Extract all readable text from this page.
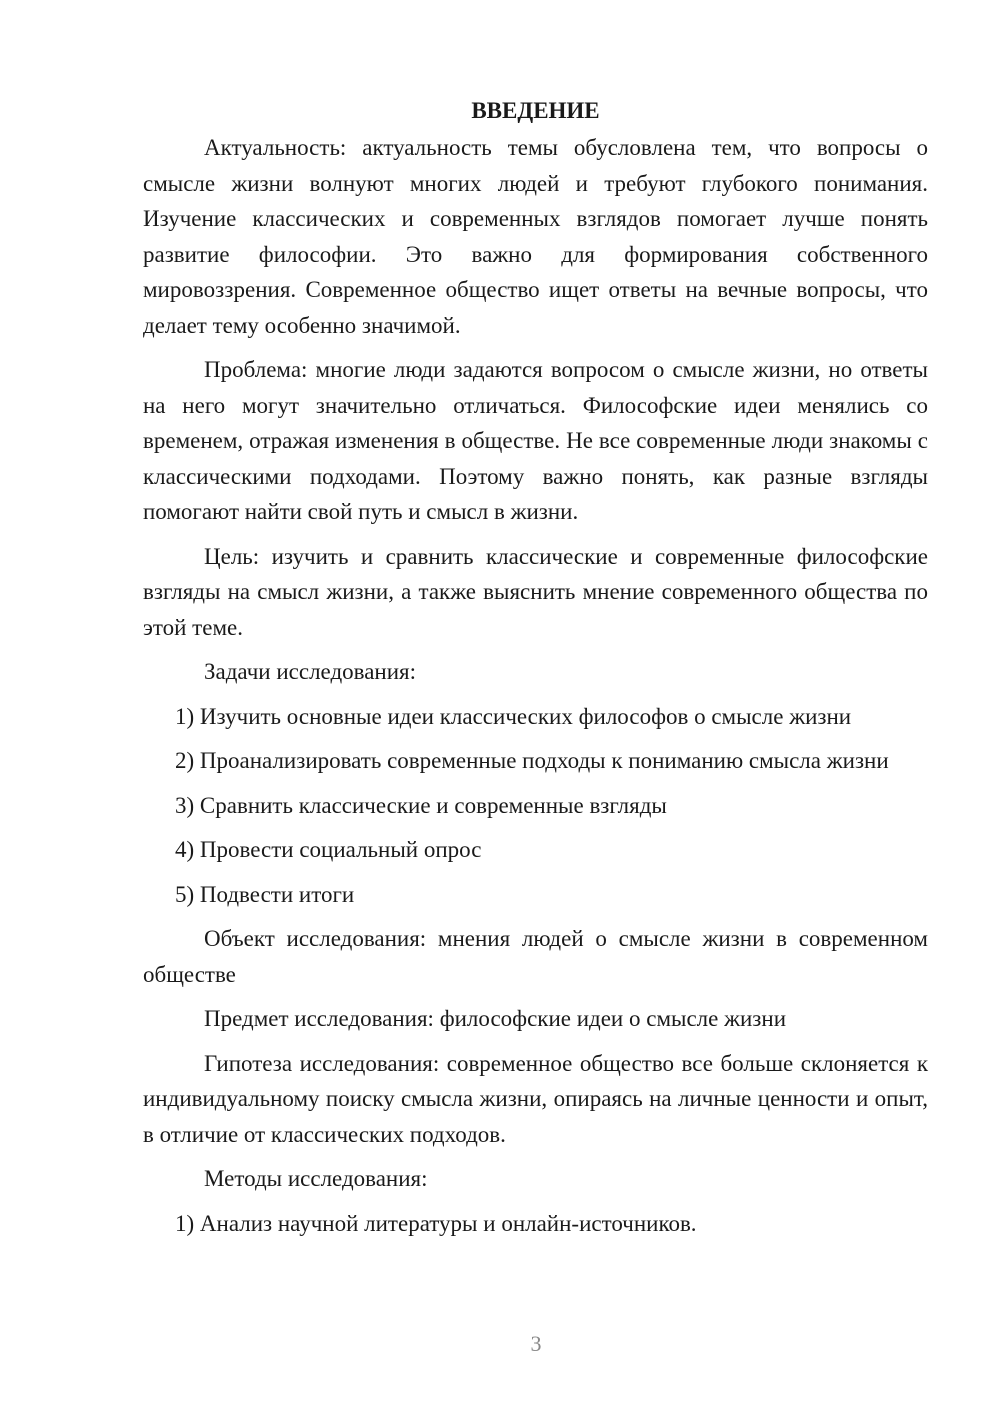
ВВЕДЕНИЕ

Актуальность: актуальность темы обусловлена тем, что вопросы о смысле жизни волнуют многих людей и требуют глубокого понимания. Изучение классических и современных взглядов помогает лучше понять развитие философии. Это важно для формирования собственного мировоззрения. Современное общество ищет ответы на вечные вопросы, что делает тему особенно значимой.

Проблема: многие люди задаются вопросом о смысле жизни, но ответы на него могут значительно отличаться. Философские идеи менялись со временем, отражая изменения в обществе. Не все современные люди знакомы с классическими подходами. Поэтому важно понять, как разные взгляды помогают найти свой путь и смысл в жизни.

Цель: изучить и сравнить классические и современные философские взгляды на смысл жизни, а также выяснить мнение современного общества по этой теме.

Задачи исследования:

1) Изучить основные идеи классических философов о смысле жизни

2) Проанализировать современные подходы к пониманию смысла жизни

3) Сравнить классические и современные взгляды

4) Провести социальный опрос

5) Подвести итоги

Объект исследования: мнения людей о смысле жизни в современном обществе

Предмет исследования: философские идеи о смысле жизни

Гипотеза исследования: современное общество все больше склоняется к индивидуальному поиску смысла жизни, опираясь на личные ценности и опыт, в отличие от классических подходов.

Методы исследования:

1) Анализ научной литературы и онлайн-источников.

3
